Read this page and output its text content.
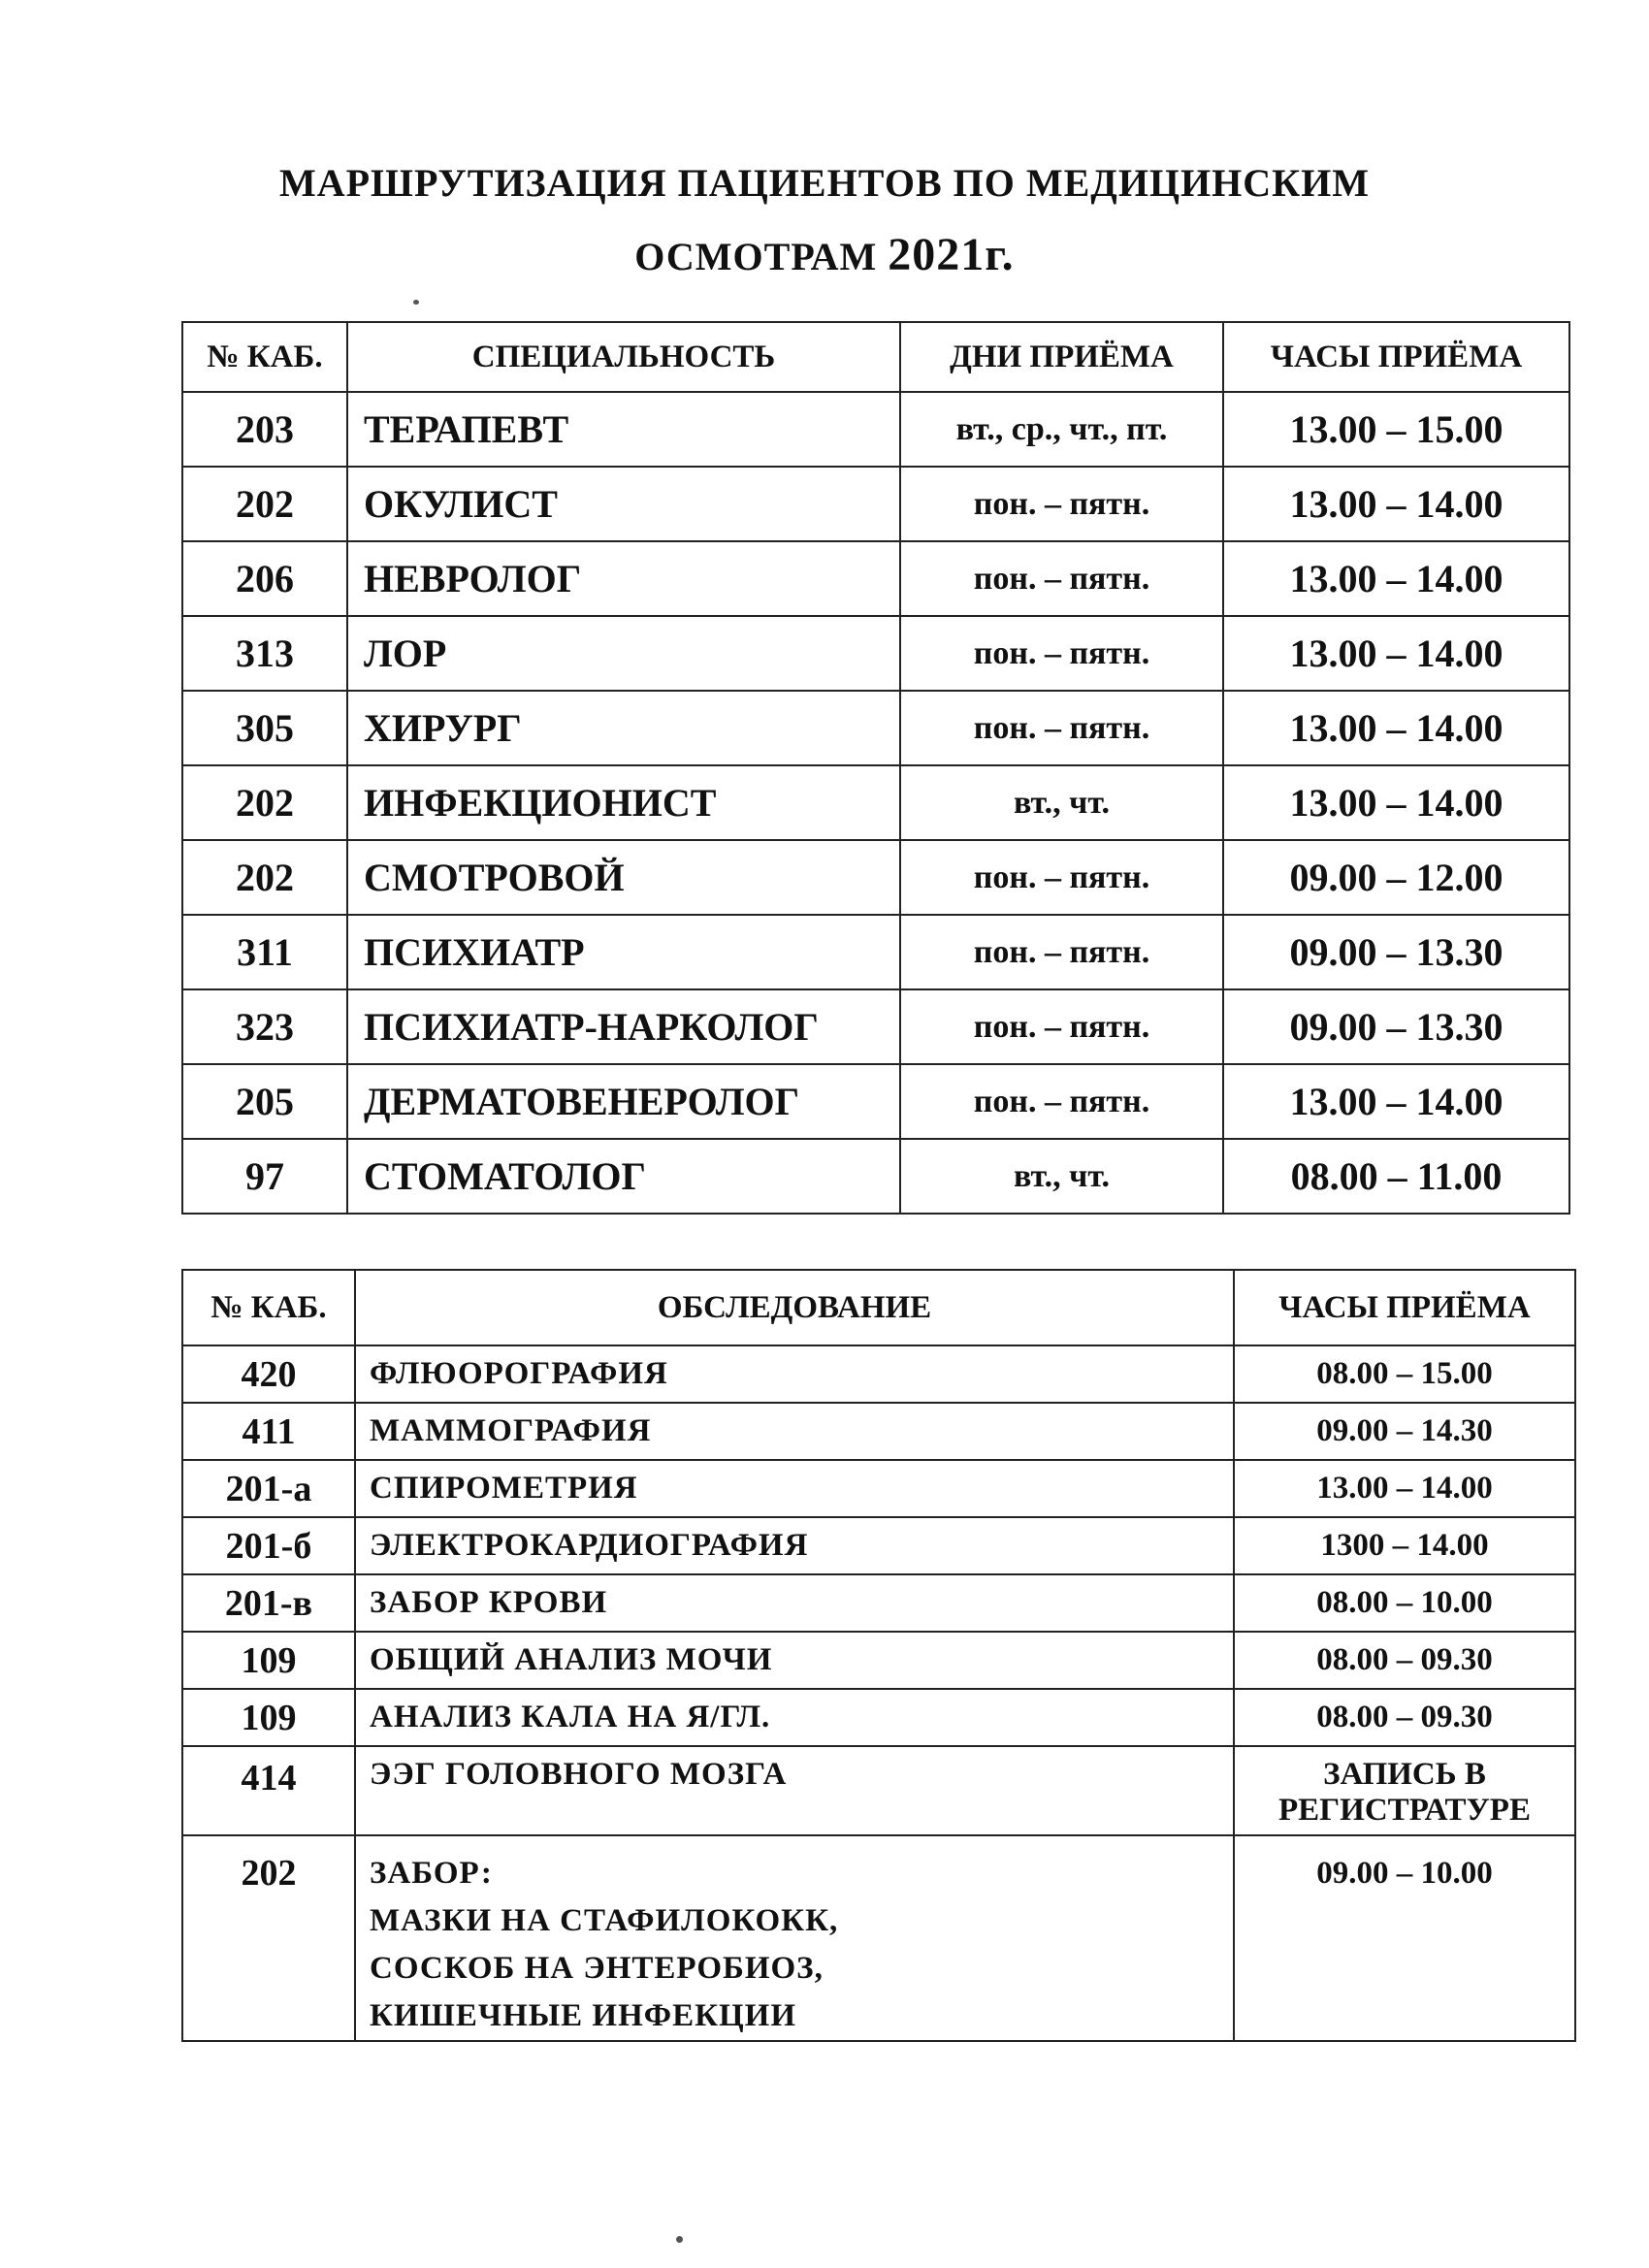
МАРШРУТИЗАЦИЯ ПАЦИЕНТОВ ПО МЕДИЦИНСКИМ
ОСМОТРАМ 2021г.
№ КАБ.	СПЕЦИАЛЬНОСТЬ	ДНИ ПРИЁМА	ЧАСЫ ПРИЁМА
203	ТЕРАПЕВТ	вт., ср., чт., пт.	13.00 – 15.00
202	ОКУЛИСТ	пон. – пятн.	13.00 – 14.00
206	НЕВРОЛОГ	пон. – пятн.	13.00 – 14.00
313	ЛОР	пон. – пятн.	13.00 – 14.00
305	ХИРУРГ	пон. – пятн.	13.00 – 14.00
202	ИНФЕКЦИОНИСТ	вт., чт.	13.00 – 14.00
202	СМОТРОВОЙ	пон. – пятн.	09.00 – 12.00
311	ПСИХИАТР	пон. – пятн.	09.00 – 13.30
323	ПСИХИАТР-НАРКОЛОГ	пон. – пятн.	09.00 – 13.30
205	ДЕРМАТОВЕНЕРОЛОГ	пон. – пятн.	13.00 – 14.00
97	СТОМАТОЛОГ	вт., чт.	08.00 – 11.00
№ КАБ.	ОБСЛЕДОВАНИЕ	ЧАСЫ ПРИЁМА
420	ФЛЮОРОГРАФИЯ	08.00 – 15.00
411	МАММОГРАФИЯ	09.00 – 14.30
201-а	СПИРОМЕТРИЯ	13.00 – 14.00
201-б	ЭЛЕКТРОКАРДИОГРАФИЯ	1300 – 14.00
201-в	ЗАБОР КРОВИ	08.00 – 10.00
109	ОБЩИЙ АНАЛИЗ МОЧИ	08.00 – 09.30
109	АНАЛИЗ КАЛА НА Я/ГЛ.	08.00 – 09.30
414	ЭЭГ ГОЛОВНОГО МОЗГА	ЗАПИСЬ В
РЕГИСТРАТУРЕ

202	ЗАБОР:
МАЗКИ НА СТАФИЛОКОКК,
СОСКОБ НА ЭНТЕРОБИОЗ,
КИШЕЧНЫЕ ИНФЕКЦИИ	09.00 – 10.00
